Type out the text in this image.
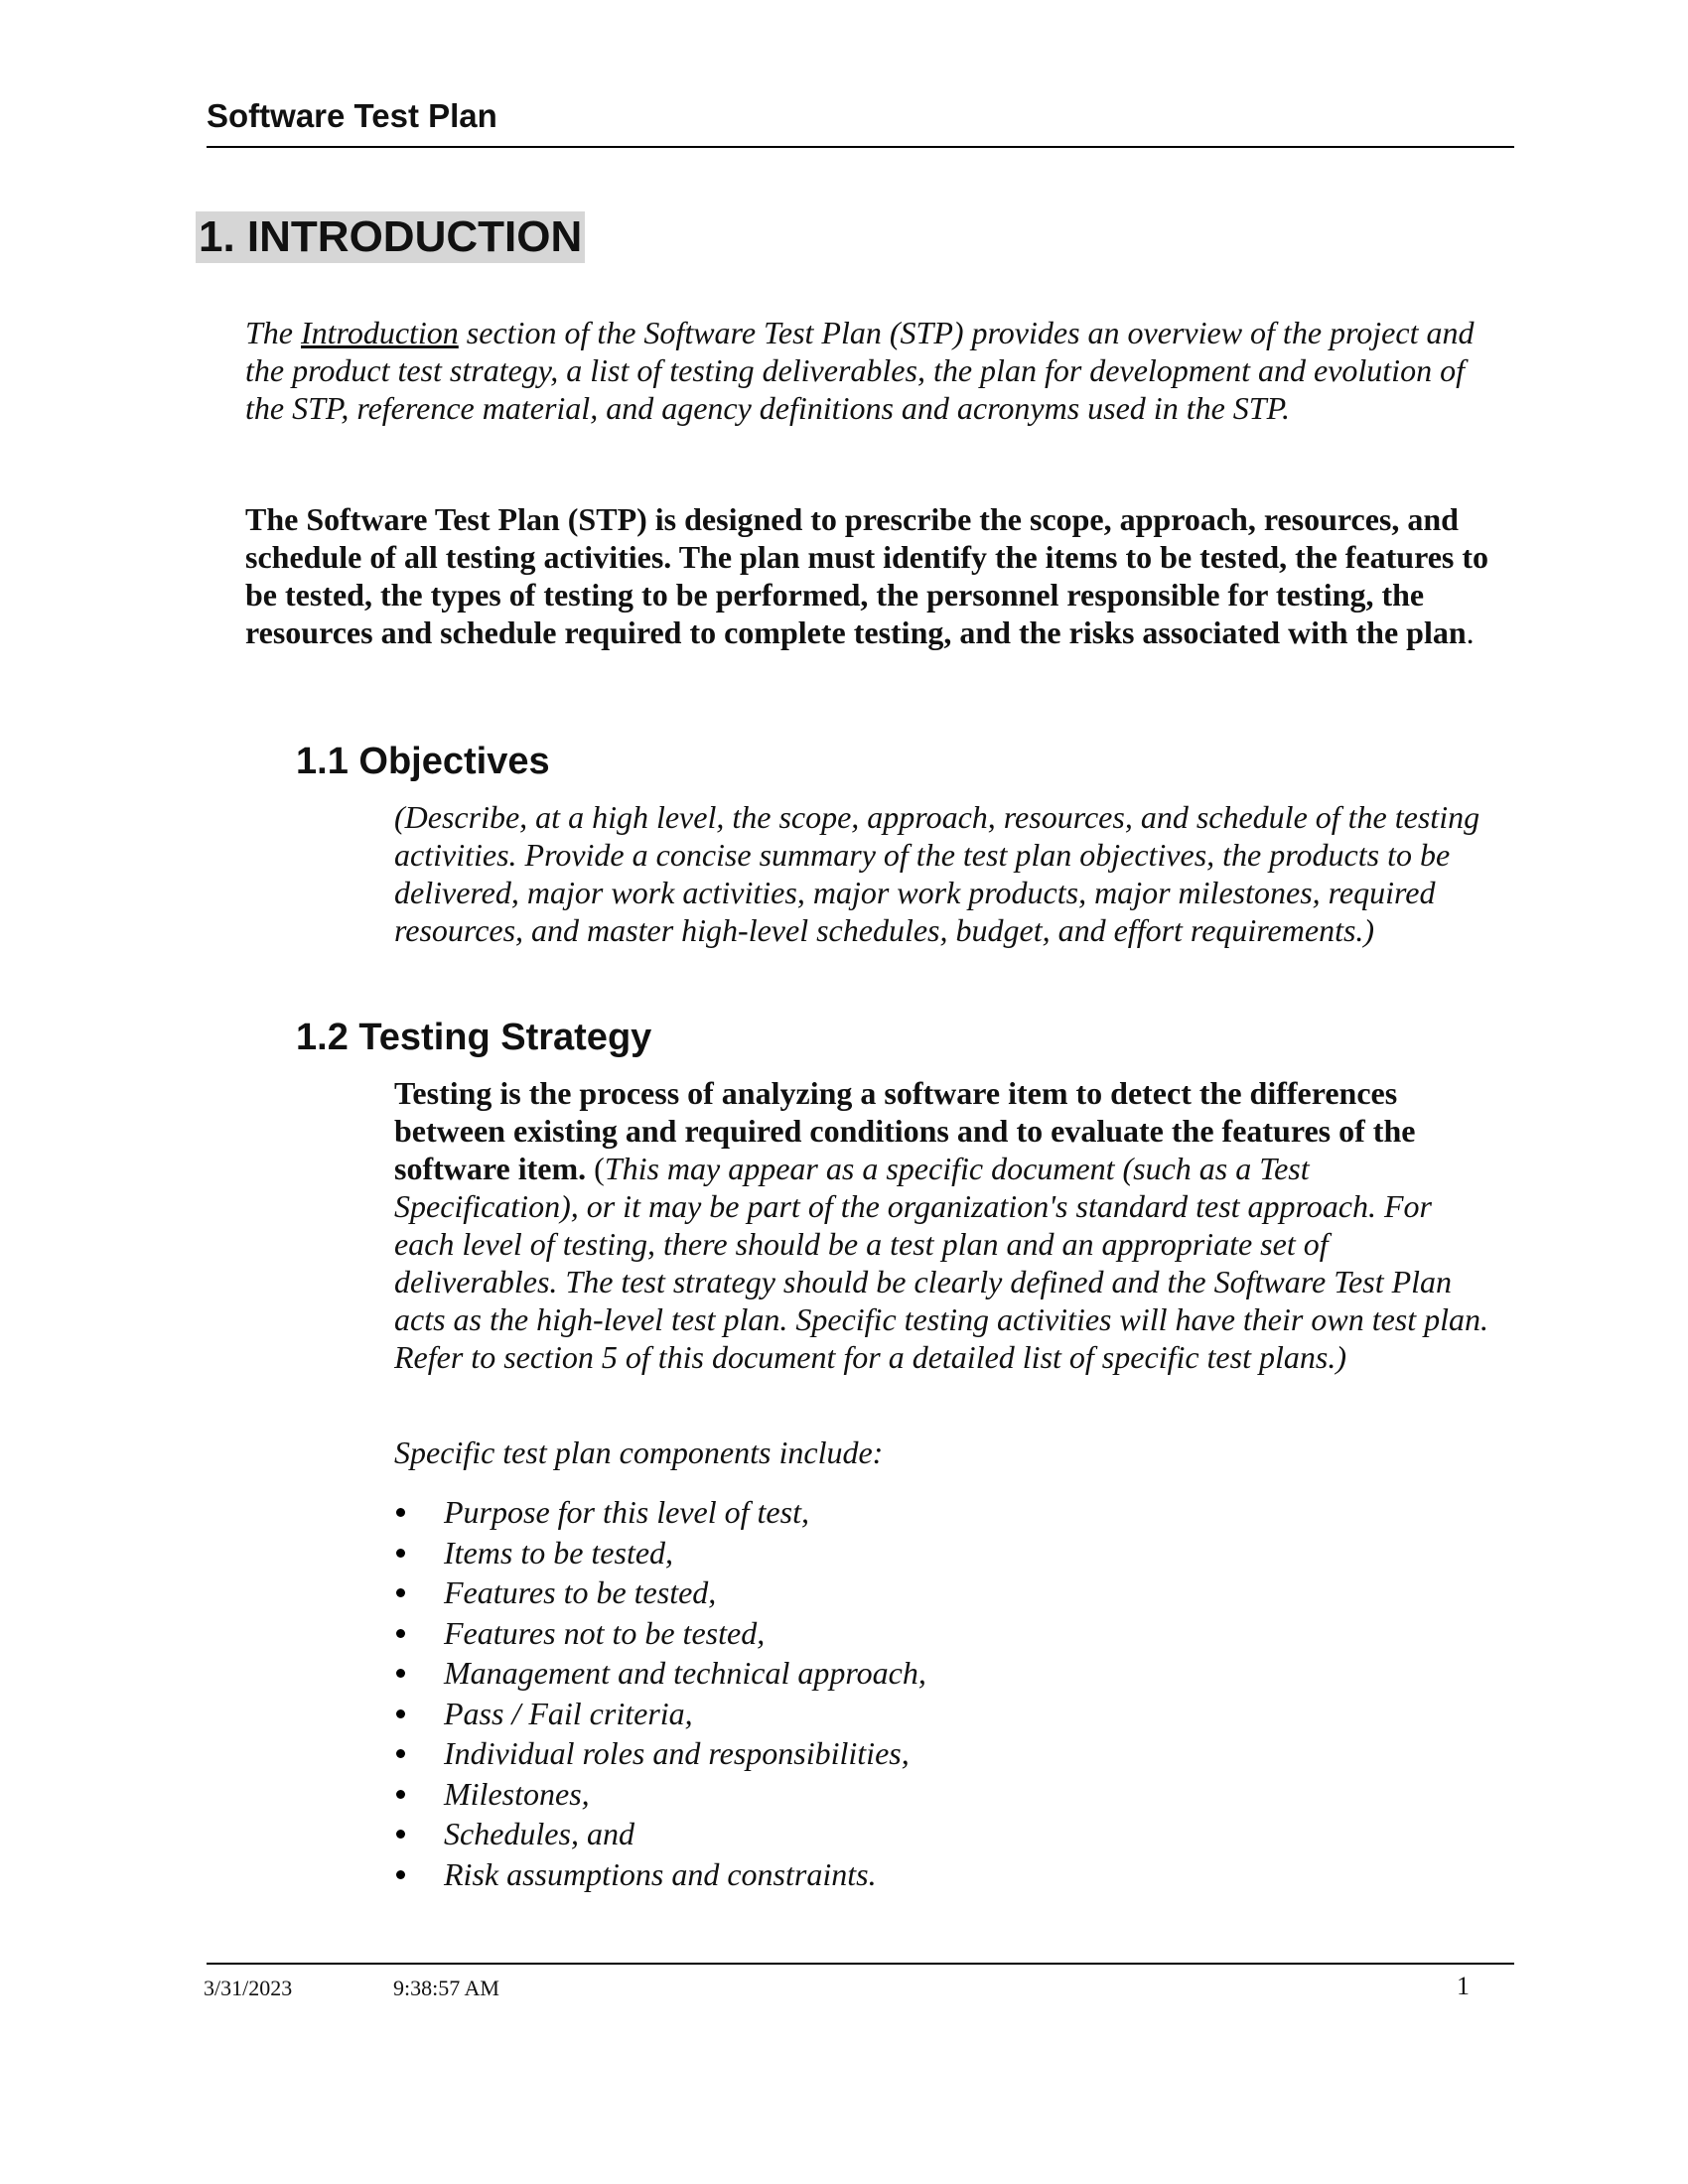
Software Test Plan
1. INTRODUCTION
The Introduction section of the Software Test Plan (STP) provides an overview of the project and the product test strategy, a list of testing deliverables, the plan for development and evolution of the STP, reference material, and agency definitions and acronyms used in the STP.
The Software Test Plan (STP) is designed to prescribe the scope, approach, resources, and schedule of all testing activities. The plan must identify the items to be tested, the features to be tested, the types of testing to be performed, the personnel responsible for testing, the resources and schedule required to complete testing, and the risks associated with the plan.
1.1 Objectives
(Describe, at a high level, the scope, approach, resources, and schedule of the testing activities. Provide a concise summary of the test plan objectives, the products to be delivered, major work activities, major work products, major milestones, required resources, and master high-level schedules, budget, and effort requirements.)
1.2 Testing Strategy
Testing is the process of analyzing a software item to detect the differences between existing and required conditions and to evaluate the features of the software item. (This may appear as a specific document (such as a Test Specification), or it may be part of the organization's standard test approach. For each level of testing, there should be a test plan and an appropriate set of deliverables. The test strategy should be clearly defined and the Software Test Plan acts as the high-level test plan. Specific testing activities will have their own test plan. Refer to section 5 of this document for a detailed list of specific test plans.)
Specific test plan components include:
Purpose for this level of test,
Items to be tested,
Features to be tested,
Features not to be tested,
Management and technical approach,
Pass / Fail criteria,
Individual roles and responsibilities,
Milestones,
Schedules, and
Risk assumptions and constraints.
3/31/2023	9:38:57 AM	1
